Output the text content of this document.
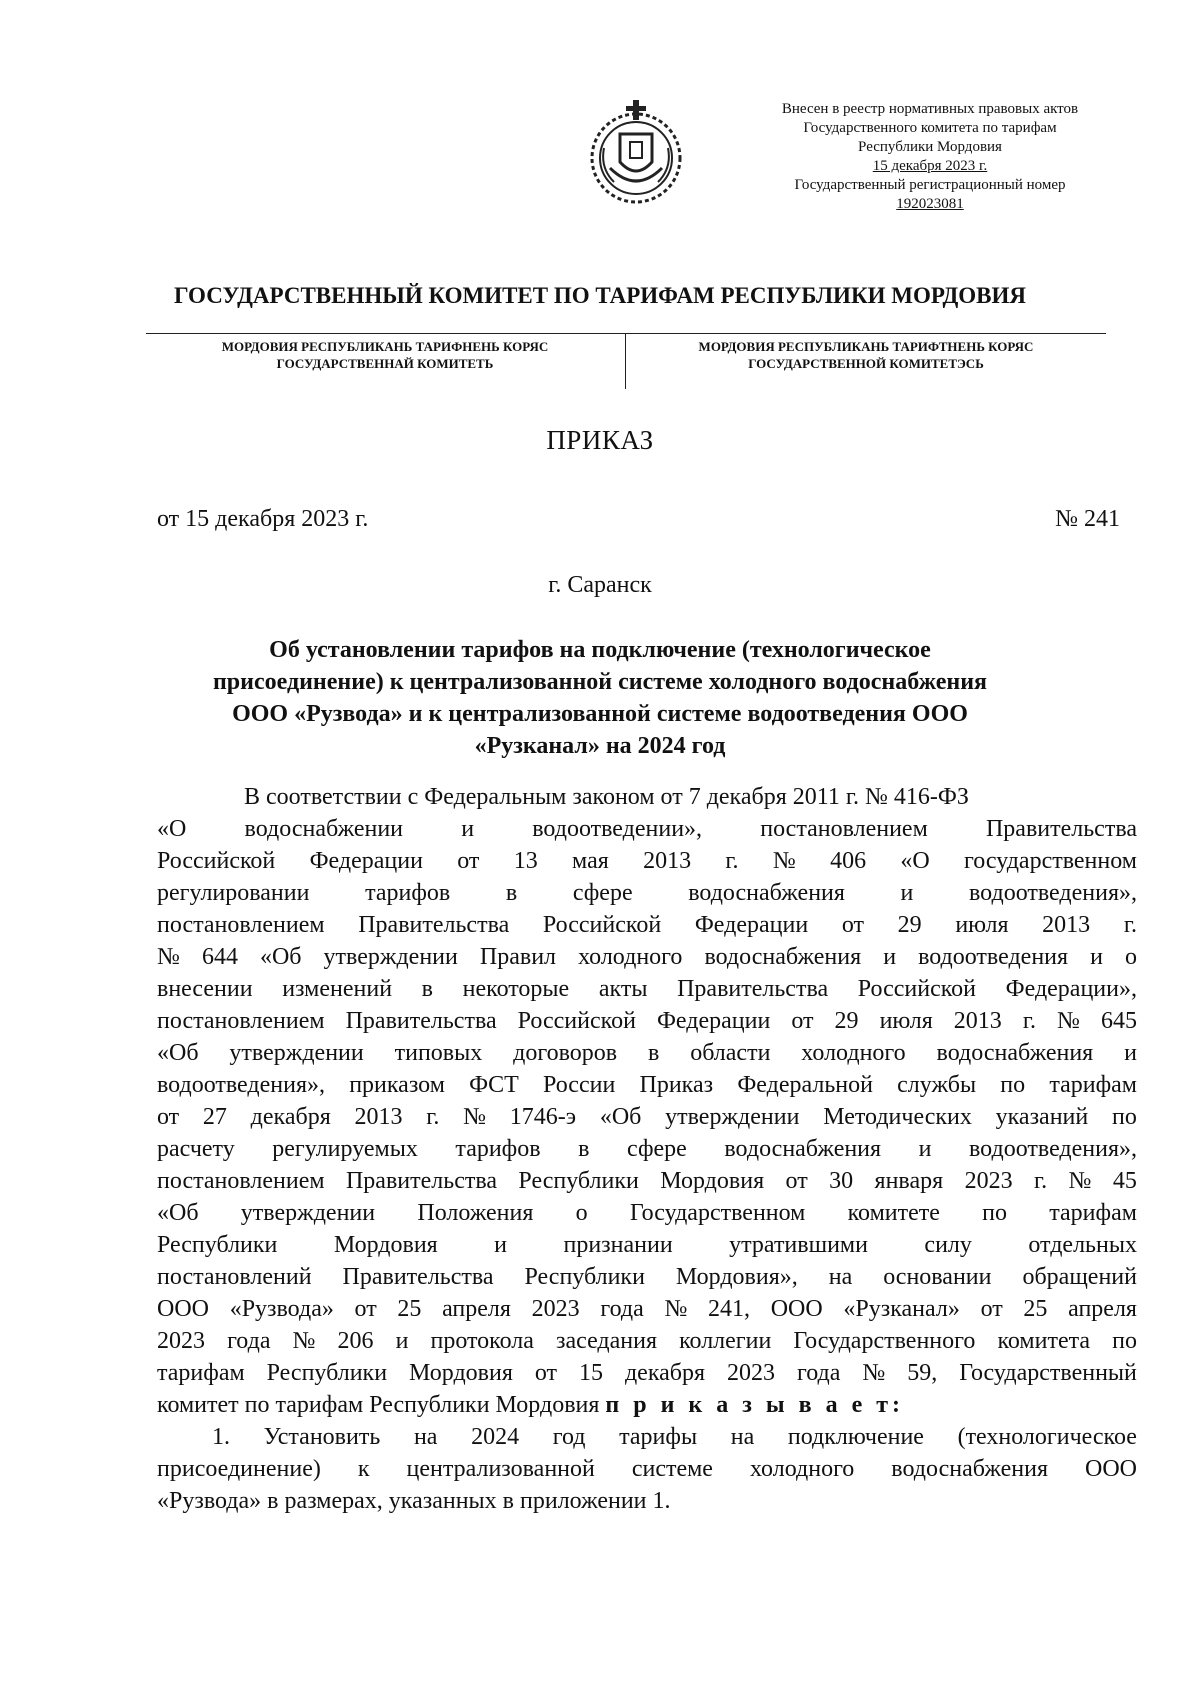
Внесен в реестр нормативных правовых актов
Государственного комитета по тарифам
Республики Мордовия
15 декабря 2023 г.
Государственный регистрационный номер
192023081
ГОСУДАРСТВЕННЫЙ КОМИТЕТ ПО ТАРИФАМ РЕСПУБЛИКИ МОРДОВИЯ
МОРДОВИЯ РЕСПУБЛИКАНЬ ТАРИФНЕНЬ КОРЯС
ГОСУДАРСТВЕННАЙ КОМИТЕТЬ
МОРДОВИЯ РЕСПУБЛИКАНЬ ТАРИФТНЕНЬ КОРЯС
ГОСУДАРСТВЕННОЙ КОМИТЕТЭСЬ
ПРИКАЗ
от 15 декабря 2023 г.	№ 241
г. Саранск
Об установлении тарифов на подключение (технологическое
присоединение) к централизованной системе холодного водоснабжения
ООО «Рузвода» и к централизованной системе водоотведения ООО
«Рузканал» на 2024 год
В соответствии с Федеральным законом от 7 декабря 2011 г. № 416-ФЗ
«О водоснабжении и водоотведении», постановлением Правительства
Российской Федерации от 13 мая 2013 г. № 406 «О государственном
регулировании тарифов в сфере водоснабжения и водоотведения»,
постановлением Правительства Российской Федерации от 29 июля 2013 г.
№ 644 «Об утверждении Правил холодного водоснабжения и водоотведения и о
внесении изменений в некоторые акты Правительства Российской Федерации»,
постановлением Правительства Российской Федерации от 29 июля 2013 г. № 645
«Об утверждении типовых договоров в области холодного водоснабжения и
водоотведения», приказом ФСТ России Приказ Федеральной службы по тарифам
от 27 декабря 2013 г. № 1746-э «Об утверждении Методических указаний по
расчету регулируемых тарифов в сфере водоснабжения и водоотведения»,
постановлением Правительства Республики Мордовия от 30 января 2023 г. № 45
«Об утверждении Положения о Государственном комитете по тарифам
Республики Мордовия и признании утратившими силу отдельных
постановлений Правительства Республики Мордовия», на основании обращений
ООО «Рузвода» от 25 апреля 2023 года № 241, ООО «Рузканал» от 25 апреля
2023 года № 206 и протокола заседания коллегии Государственного комитета по
тарифам Республики Мордовия от 15 декабря 2023 года № 59, Государственный
комитет по тарифам Республики Мордовия
п р и к а з ы в а е т:
1. Установить на 2024 год тарифы на подключение (технологическое
присоединение) к централизованной системе холодного водоснабжения ООО
«Рузвода» в размерах, указанных в приложении 1.
